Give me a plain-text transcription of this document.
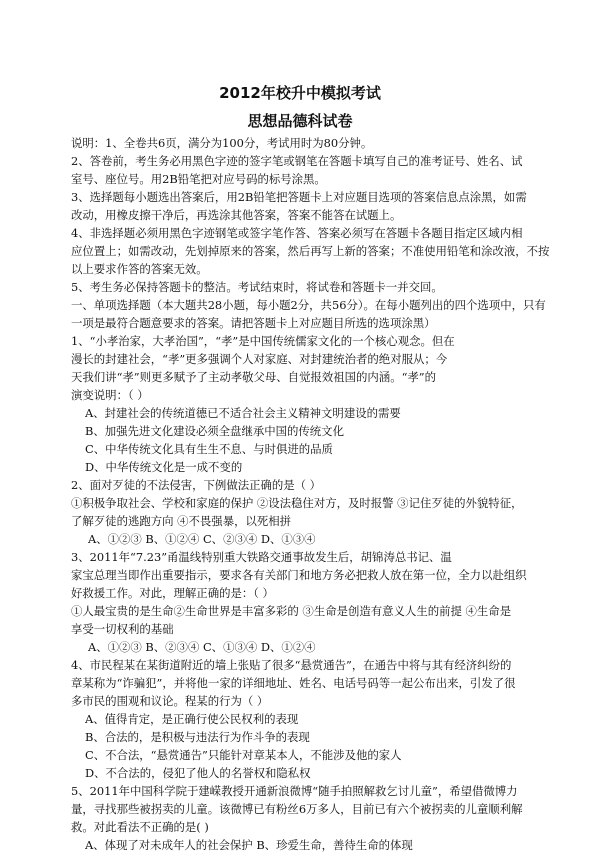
2012年校升中模拟考试
思想品德科试卷
说明：1、全卷共6页，满分为100分，考试用时为80分钟。
2、答卷前，考生务必用黑色字迹的签字笔或钢笔在答题卡填写自己的准考证号、姓名、试
室号、座位号。用2B铅笔把对应号码的标号涂黑。
3、选择题每小题选出答案后，用2B铅笔把答题卡上对应题目选项的答案信息点涂黑，如需
改动，用橡皮擦干净后，再选涂其他答案，答案不能答在试题上。
4、非选择题必须用黑色字迹钢笔或签字笔作答、答案必须写在答题卡各题目指定区域内相
应位置上；如需改动，先划掉原来的答案，然后再写上新的答案；不准使用铅笔和涂改液，不按
以上要求作答的答案无效。
5、考生务必保持答题卡的整洁。考试结束时，将试卷和答题卡一并交回。
一、单项选择题（本大题共28小题，每小题2分，共56分）。在每小题列出的四个选项中，只有
一项是最符合题意要求的答案。请把答题卡上对应题目所选的选项涂黑）
1、“小孝治家，大孝治国”，“孝”是中国传统儒家文化的一个核心观念。但在
漫长的封建社会，“孝”更多强调个人对家庭、对封建统治者的绝对服从；今
天我们讲“孝”则更多赋予了主动孝敬父母、自觉报效祖国的内涵。“孝”的
演变说明：（ ）
A、封建社会的传统道德已不适合社会主义精神文明建设的需要
B、加强先进文化建设必须全盘继承中国的传统文化
C、中华传统文化具有生生不息、与时俱进的品质
D、中华传统文化是一成不变的
2、面对歹徒的不法侵害，下例做法正确的是（ ）
①积极争取社会、学校和家庭的保护 ②设法稳住对方，及时报警 ③记住歹徒的外貌特征，
了解歹徒的逃跑方向 ④不畏强暴，以死相拼
A、①②③ B、①②④ C、②③④ D、①③④
3、2011年“7.23”甬温线特别重大铁路交通事故发生后，胡锦涛总书记、温
家宝总理当即作出重要指示，要求各有关部门和地方务必把救人放在第一位，全力以赴组织
好救援工作。对此，理解正确的是：（ ）
①人最宝贵的是生命②生命世界是丰富多彩的 ③生命是创造有意义人生的前提 ④生命是
享受一切权利的基础
A、①②③ B、②③④ C、①③④ D、①②④
4、市民程某在某街道附近的墙上张贴了很多“悬赏通告”，在通告中将与其有经济纠纷的
章某称为“诈骗犯”，并将他一家的详细地址、姓名、电话号码等一起公布出来，引发了很
多市民的围观和议论。程某的行为（ ）
A、值得肯定，是正确行使公民权利的表现
B、合法的，是积极与违法行为作斗争的表现
C、不合法，“悬赏通告”只能针对章某本人，不能涉及他的家人
D、不合法的，侵犯了他人的名誉权和隐私权
5、2011年中国科学院于建嵘教授开通新浪微博“随手拍照解救乞讨儿童”，希望借微博力
量，寻找那些被拐卖的儿童。该微博已有粉丝6万多人，目前已有六个被拐卖的儿童顺利解
救。对此看法不正确的是( )
A、体现了对未成年人的社会保护 B、珍爱生命，善待生命的体现
